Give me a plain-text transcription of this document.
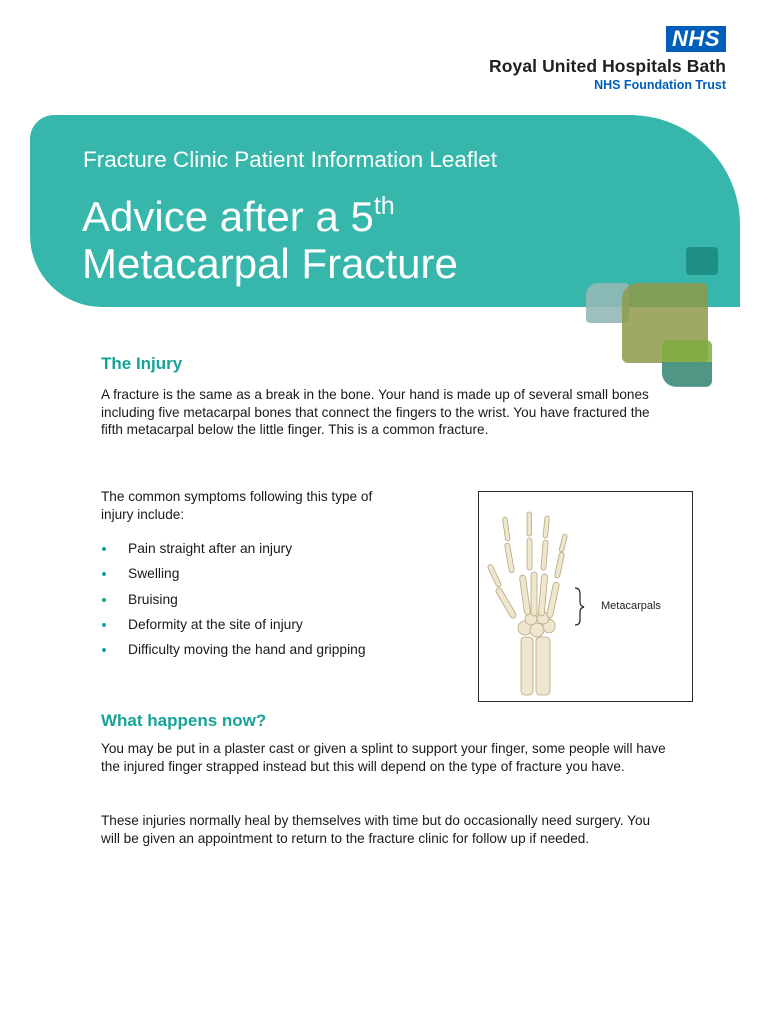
NHS
Royal United Hospitals Bath
NHS Foundation Trust
Fracture Clinic Patient Information Leaflet
Advice after a 5th
Metacarpal Fracture
The Injury

A fracture is the same as a break in the bone. Your hand is made up of several small bones including five metacarpal bones that connect the fingers to the wrist. You have fractured the fifth metacarpal below the little finger. This is a common fracture.

The common symptoms following this type of injury include:

Pain straight after an injury
Swelling
Bruising
Deformity at the site of injury
Difficulty moving the hand and gripping
Metacarpals
What happens now?

You may be put in a plaster cast or given a splint to support your finger, some people will have the injured finger strapped instead but this will depend on the type of fracture you have.

These injuries normally heal by themselves with time but do occasionally need surgery. You will be given an appointment to return to the fracture clinic for follow up if needed.
